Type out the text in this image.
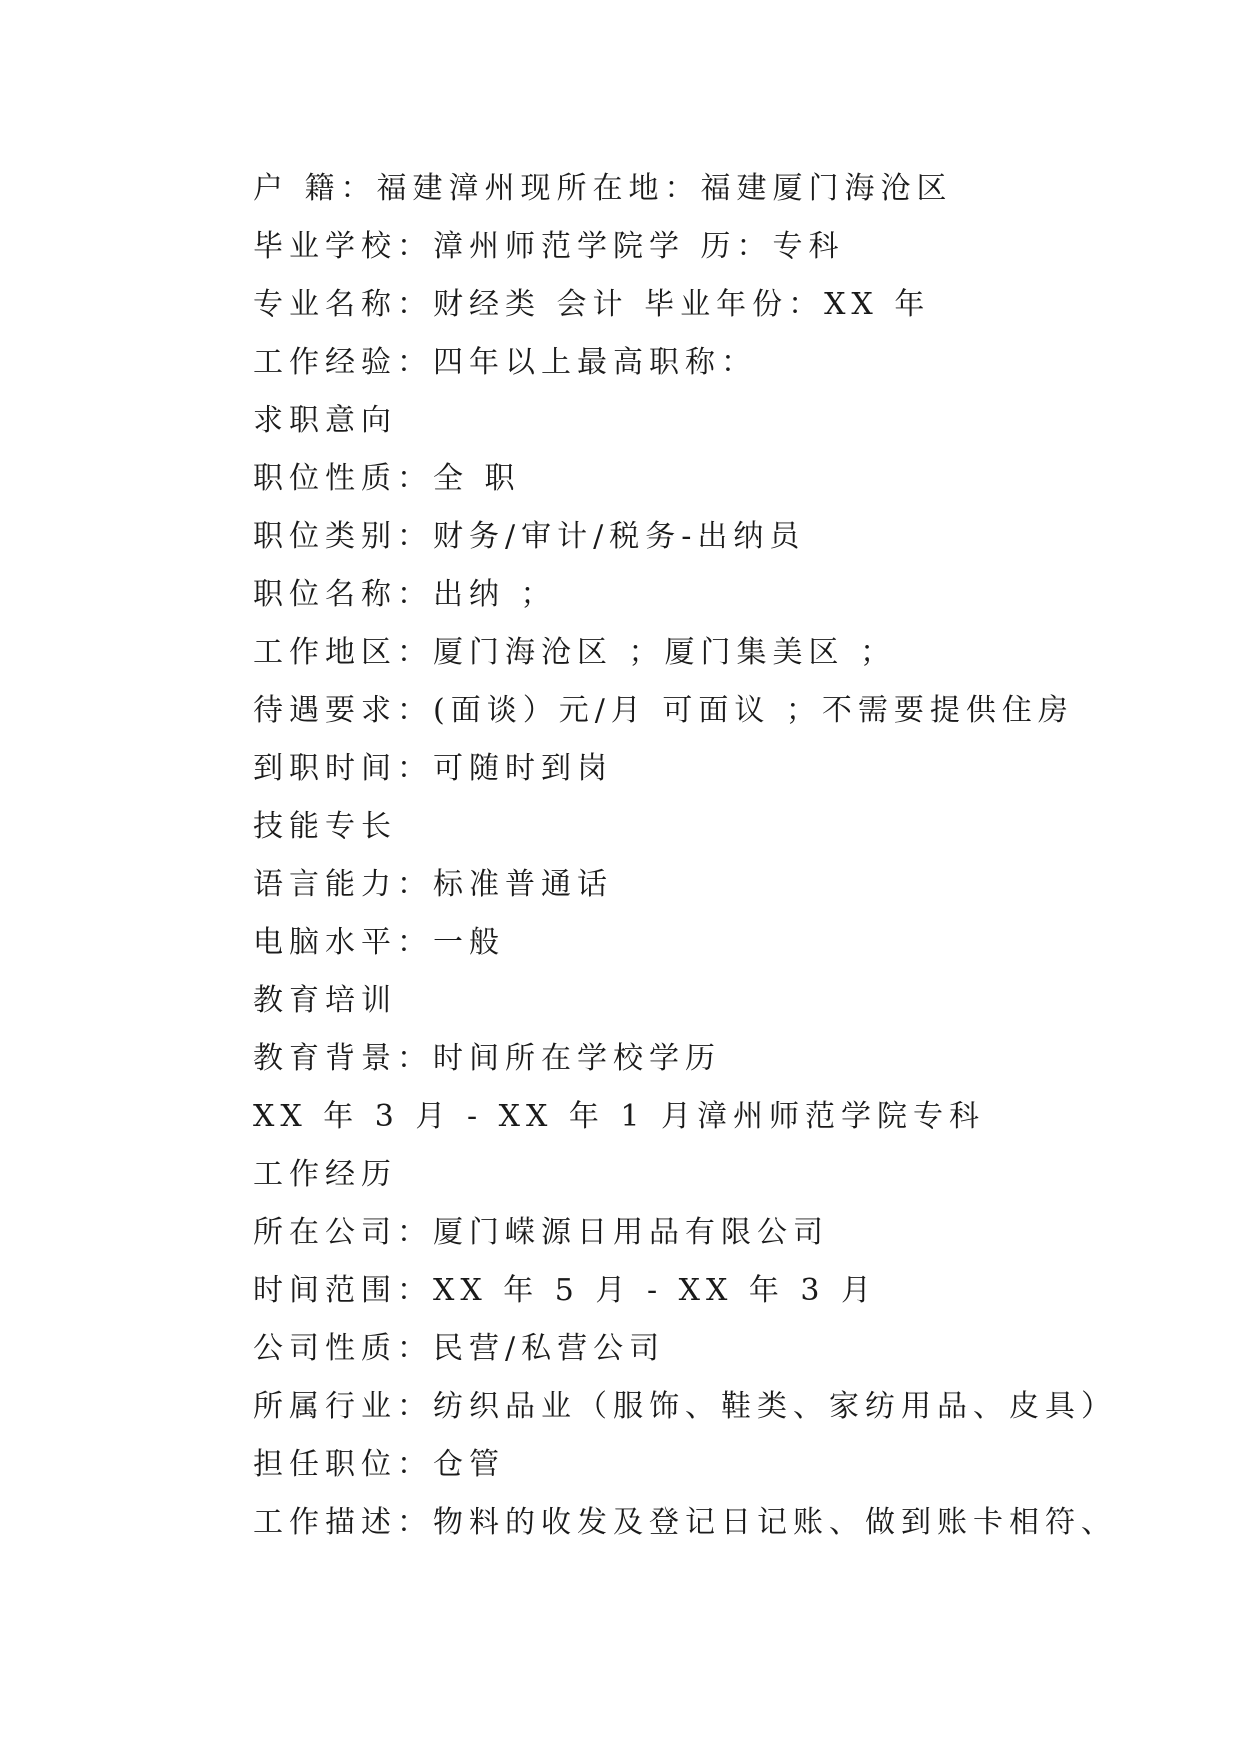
户 籍：福建漳州现所在地：福建厦门海沧区
毕业学校：漳州师范学院学 历：专科
专业名称：财经类 会计 毕业年份：XX 年
工作经验：四年以上最高职称：
求职意向
职位性质：全 职
职位类别：财务/审计/税务-出纳员
职位名称：出纳 ；
工作地区：厦门海沧区 ；厦门集美区 ；
待遇要求：(面谈）元/月 可面议 ；不需要提供住房
到职时间：可随时到岗
技能专长
语言能力：标准普通话
电脑水平：一般
教育培训
教育背景：时间所在学校学历
XX 年 3 月 - XX 年 1 月漳州师范学院专科
工作经历
所在公司：厦门嵘源日用品有限公司
时间范围：XX 年 5 月 - XX 年 3 月
公司性质：民营/私营公司
所属行业：纺织品业（服饰、鞋类、家纺用品、皮具）
担任职位：仓管
工作描述：物料的收发及登记日记账、做到账卡相符、
